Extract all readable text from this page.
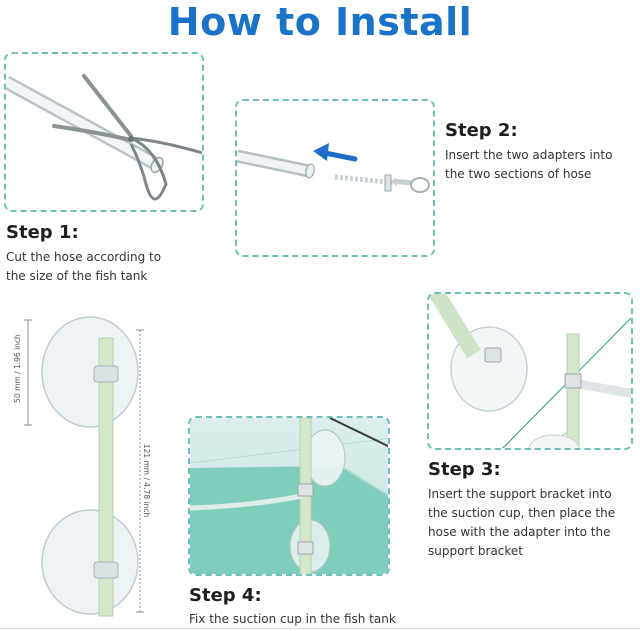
How to Install
Step 1:
Cut the hose according to
the size of the fish tank
Step 2:
Insert the two adapters into
the two sections of hose
50 mm / 1.96 inch
121 mm / 4.78 inch	Step 3:
Insert the support bracket into
the suction cup, then place the
hose with the adapter into the
support bracket
Step 4:
Fix the suction cup in the fish tank
